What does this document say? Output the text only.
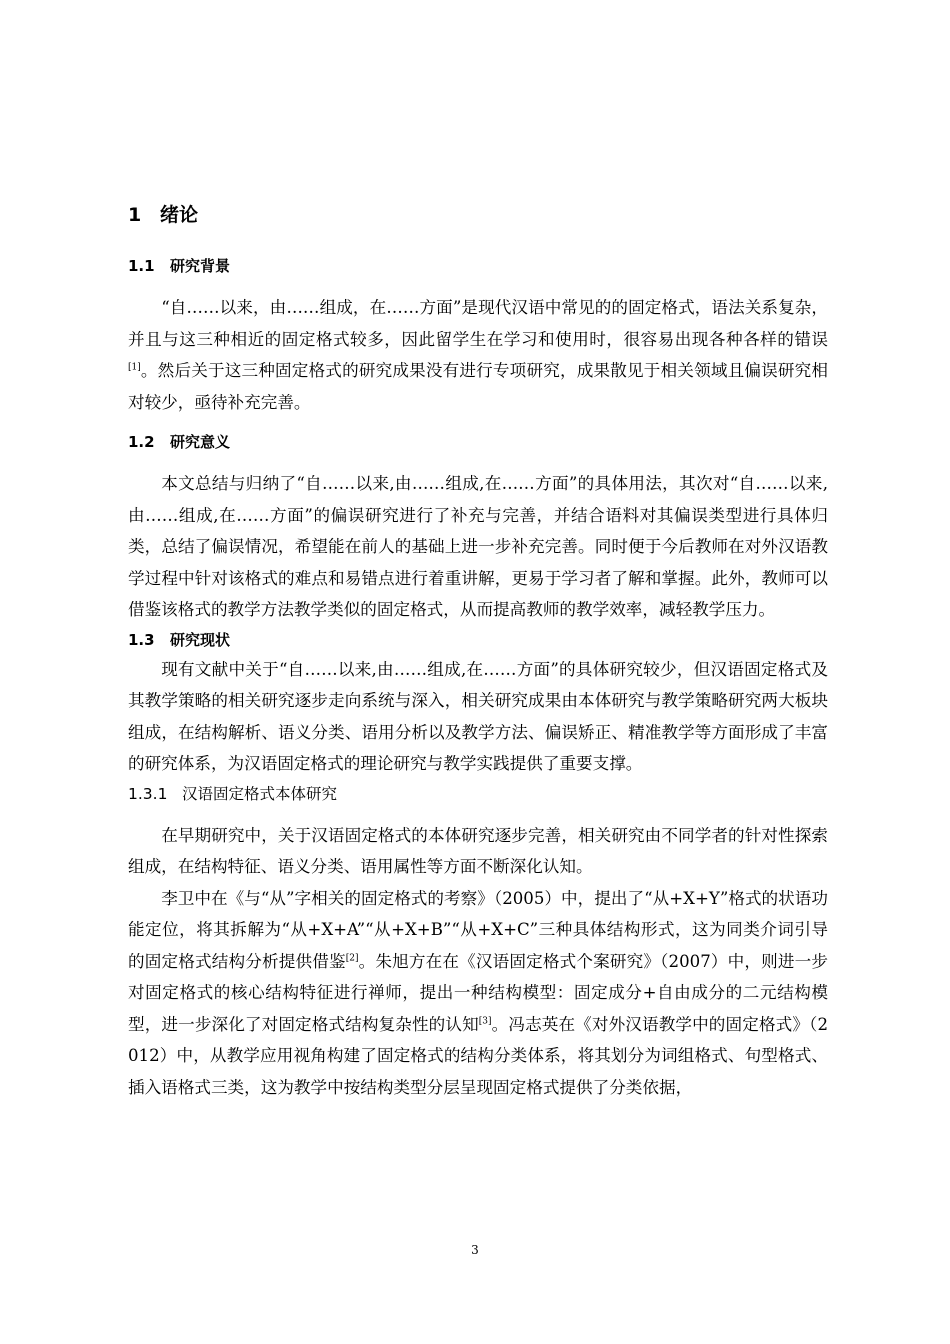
1 绪论
1.1 研究背景

“自……以来，由……组成，在……方面”是现代汉语中常见的的固定格式，语法关系复杂，并且与这三种相近的固定格式较多，因此留学生在学习和使用时，很容易出现各种各样的错误[1]。然后关于这三种固定格式的研究成果没有进行专项研究，成果散见于相关领域且偏误研究相对较少，亟待补充完善。

1.2 研究意义

本文总结与归纳了“自……以来,由……组成,在……方面”的具体用法，其次对“自……以来,由……组成,在……方面”的偏误研究进行了补充与完善，并结合语料对其偏误类型进行具体归类，总结了偏误情况，希望能在前人的基础上进一步补充完善。同时便于今后教师在对外汉语教学过程中针对该格式的难点和易错点进行着重讲解，更易于学习者了解和掌握。此外，教师可以借鉴该格式的教学方法教学类似的固定格式，从而提高教师的教学效率，减轻教学压力。

1.3 研究现状

现有文献中关于“自……以来,由……组成,在……方面”的具体研究较少，但汉语固定格式及其教学策略的相关研究逐步走向系统与深入，相关研究成果由本体研究与教学策略研究两大板块组成，在结构解析、语义分类、语用分析以及教学方法、偏误矫正、精准教学等方面形成了丰富的研究体系，为汉语固定格式的理论研究与教学实践提供了重要支撑。

1.3.1 汉语固定格式本体研究

在早期研究中，关于汉语固定格式的本体研究逐步完善，相关研究由不同学者的针对性探索组成，在结构特征、语义分类、语用属性等方面不断深化认知。

李卫中在《与“从”字相关的固定格式的考察》（2005）中，提出了“从+X+Y”格式的状语功能定位，将其拆解为“从+X+A”“从+X+B”“从+X+C”三种具体结构形式，这为同类介词引导的固定格式结构分析提供借鉴[2]。朱旭方在在《汉语固定格式个案研究》（2007）中，则进一步对固定格式的核心结构特征进行禅师，提出一种结构模型：固定成分+自由成分的二元结构模型，进一步深化了对固定格式结构复杂性的认知[3]。冯志英在《对外汉语教学中的固定格式》（2012）中，从教学应用视角构建了固定格式的结构分类体系，将其划分为词组格式、句型格式、插入语格式三类，这为教学中按结构类型分层呈现固定格式提供了分类依据，

3
